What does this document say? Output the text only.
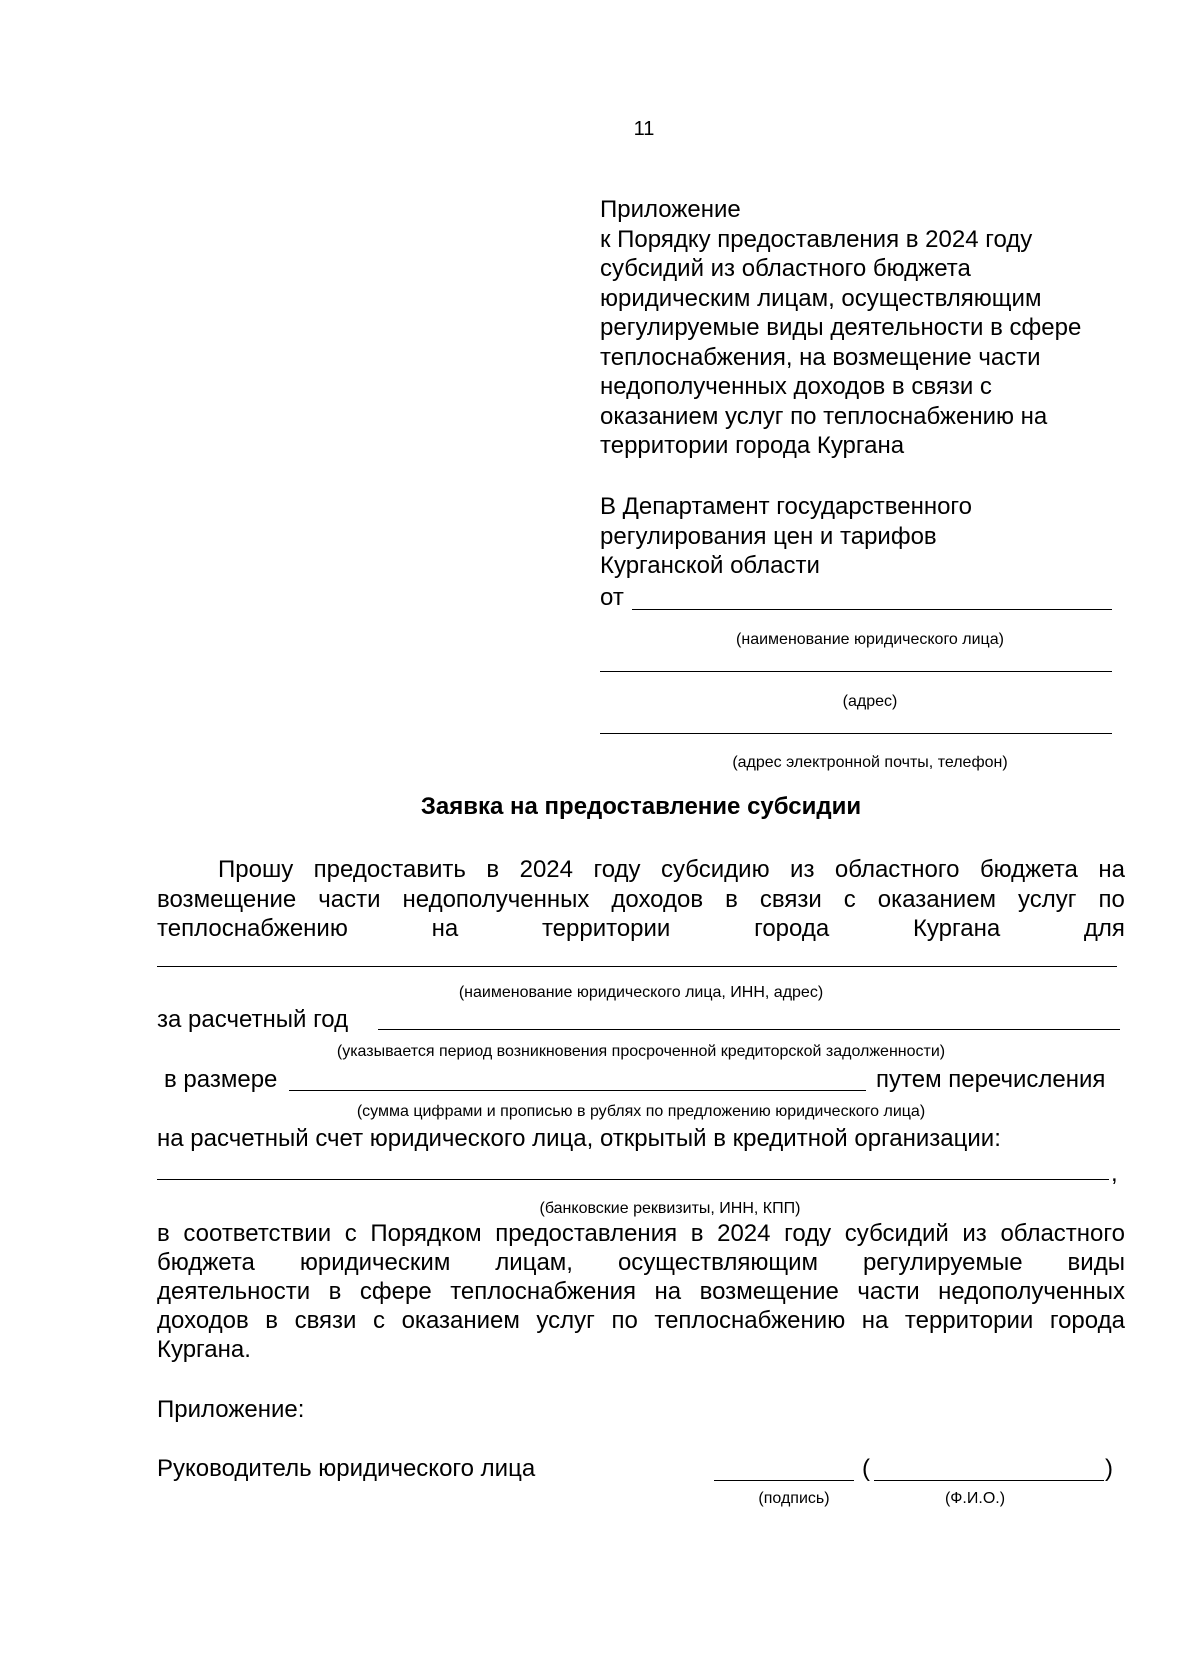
11
Приложение
к Порядку предоставления в 2024 году
субсидий из областного бюджета
юридическим лицам, осуществляющим
регулируемые виды деятельности в сфере
теплоснабжения, на возмещение части
недополученных доходов в связи с
оказанием услуг по теплоснабжению на
территории города Кургана
В Департамент государственного
регулирования цен и тарифов
Курганской области
от
(наименование юридического лица)
(адрес)
(адрес электронной почты, телефон)
Заявка на предоставление субсидии
Прошу предоставить в 2024 году субсидию из областного бюджета на
возмещение части недополученных доходов в связи с оказанием услуг по
теплоснабжению	на	территории	города	Кургана	для
(наименование юридического лица, ИНН, адрес)
за расчетный год
(указывается период возникновения просроченной кредиторской задолженности)
в размере	путем перечисления
(сумма цифрами и прописью в рублях по предложению юридического лица)
на расчетный счет юридического лица, открытый в кредитной организации:
,
(банковские реквизиты, ИНН, КПП)
в соответствии с Порядком предоставления в 2024 году субсидий из областного
бюджета юридическим лицам, осуществляющим регулируемые виды
деятельности в сфере теплоснабжения на возмещение части недополученных
доходов в связи с оказанием услуг по теплоснабжению на территории города
Кургана.
Приложение:
Руководитель юридического лица	(	)
(подпись)	(Ф.И.О.)
